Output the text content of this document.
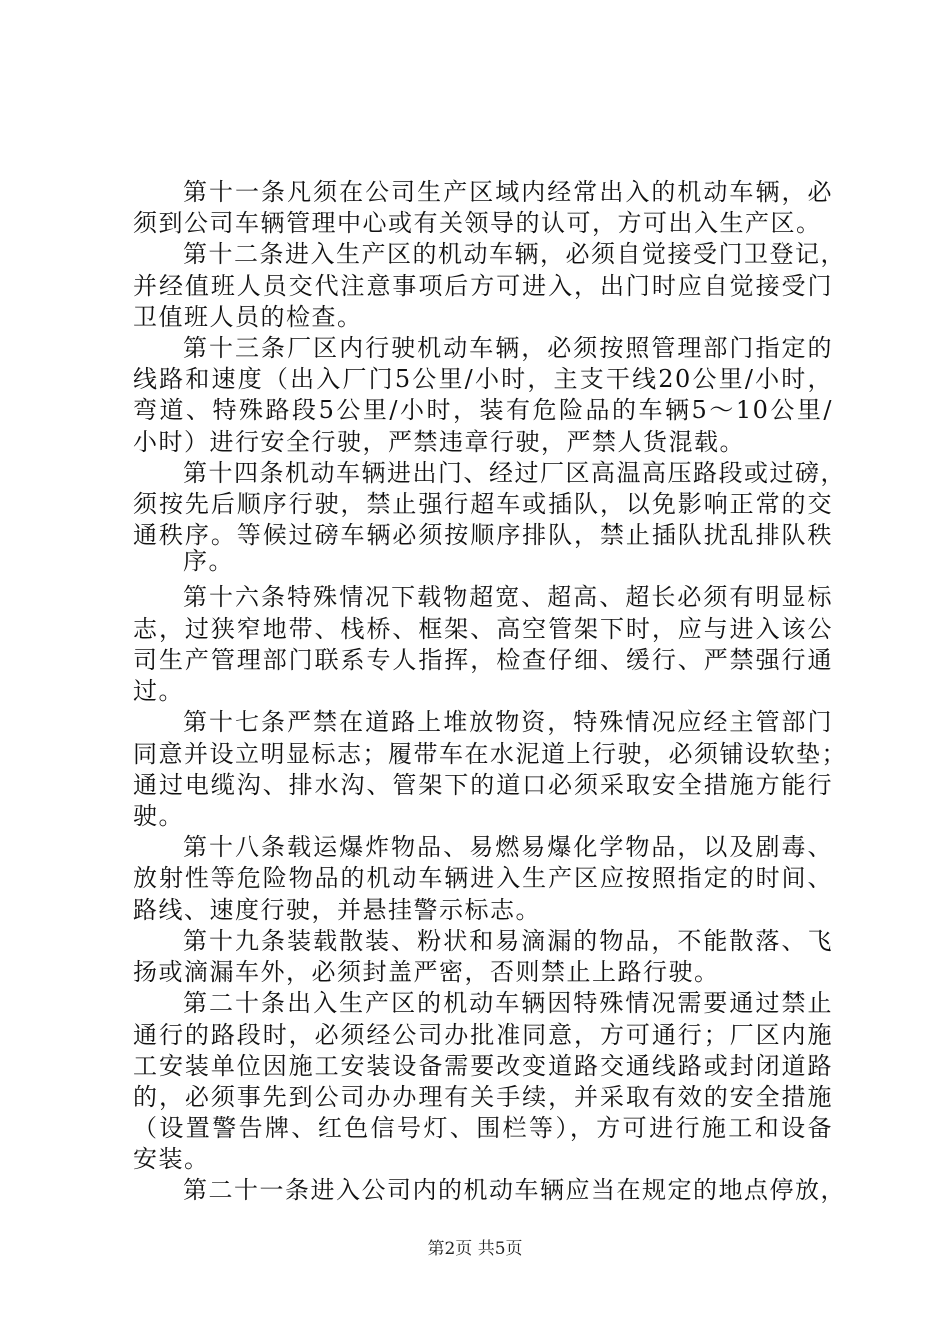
第十一条凡须在公司生产区域内经常出入的机动车辆，必
须到公司车辆管理中心或有关领导的认可，方可出入生产区。
第十二条进入生产区的机动车辆，必须自觉接受门卫登记，
并经值班人员交代注意事项后方可进入，出门时应自觉接受门
卫值班人员的检查。
第十三条厂区内行驶机动车辆，必须按照管理部门指定的
线路和速度（出入厂门5公里/小时，主支干线20公里/小时，
弯道、特殊路段5公里/小时，装有危险品的车辆5～10公里/
小时）进行安全行驶，严禁违章行驶，严禁人货混载。
第十四条机动车辆进出门、经过厂区高温高压路段或过磅，
须按先后顺序行驶，禁止强行超车或插队，以免影响正常的交
通秩序。等候过磅车辆必须按顺序排队，禁止插队扰乱排队秩
序。
第十六条特殊情况下载物超宽、超高、超长必须有明显标
志，过狭窄地带、栈桥、框架、高空管架下时，应与进入该公
司生产管理部门联系专人指挥，检查仔细、缓行、严禁强行通
过。
第十七条严禁在道路上堆放物资，特殊情况应经主管部门
同意并设立明显标志；履带车在水泥道上行驶，必须铺设软垫；
通过电缆沟、排水沟、管架下的道口必须采取安全措施方能行
驶。
第十八条载运爆炸物品、易燃易爆化学物品，以及剧毒、
放射性等危险物品的机动车辆进入生产区应按照指定的时间、
路线、速度行驶，并悬挂警示标志。
第十九条装载散装、粉状和易滴漏的物品，不能散落、飞
扬或滴漏车外，必须封盖严密，否则禁止上路行驶。
第二十条出入生产区的机动车辆因特殊情况需要通过禁止
通行的路段时，必须经公司办批准同意，方可通行；厂区内施
工安装单位因施工安装设备需要改变道路交通线路或封闭道路
的，必须事先到公司办办理有关手续，并采取有效的安全措施
（设置警告牌、红色信号灯、围栏等），方可进行施工和设备
安装。
第二十一条进入公司内的机动车辆应当在规定的地点停放，
第2页 共5页
